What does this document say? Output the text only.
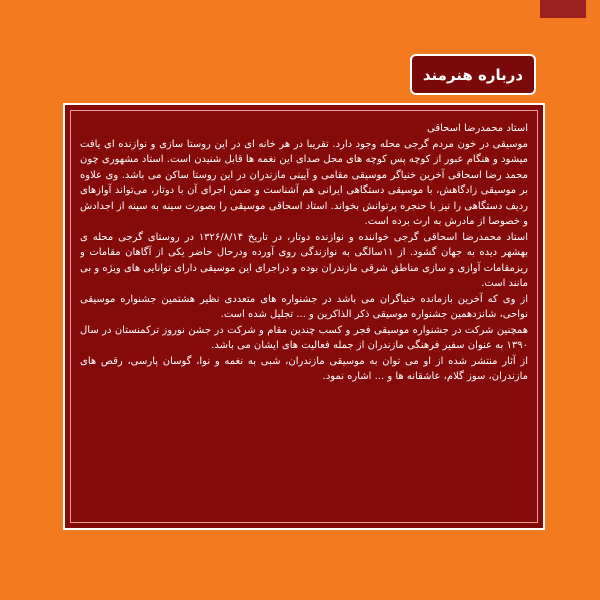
درباره هنرمند

استاد محمدرضا اسحاقی

موسیقی در خون مردم گرجی محله وجود دارد. تقریبا در هر خانه ای در این روستا سازی و نوازنده ای یافت میشود و هنگام عبور از کوچه پس کوچه های محل صدای این نغمه ها قابل شنیدن است. استاد مشهوری چون محمد رضا اسحاقی آخرین خنیاگر موسیقی مقامی و آیینی مازندران در این روستا ساکن می باشد. وی علاوه بر موسیقی زادگاهش، با موسیقی دستگاهی ایرانی هم آشناست و ضمن اجرای آن با دوتار، می‌تواند آوازهای ردیف دستگاهی را نیز با حنجره پرتوانش بخواند. استاد اسحاقی موسیقی را بصورت سینه به سینه از اجدادش و خصوصا از مادرش به ارث برده است.

استاد محمدرضا اسحاقی گرجی خواننده و نوازنده دوتار، در تاریخ ۱۳۲۶/۸/۱۴ در روستای گرجی محله ی بهشهر دیده به جهان گشود. از ۱۱سالگی به نوازندگی روی آورده ودرحال حاضر یکی از آگاهان مقامات و ریزمقامات آوازی و سازی مناطق شرقی مازندران بوده و دراجرای این موسیقی دارای توانایی های ویژه و بی مانند است.

از وی که آخرین بازمانده خنیاگران می باشد در جشنواره های متعددی نظیر هشتمین جشنواره موسیقی نواحی، شانزدهمین جشنواره موسیقی ذکر الذاکرین و ... تجلیل شده است.

همچنین شرکت در جشنواره موسیقی فجر و کسب چندین مقام و شرکت در جشن نوروز ترکمنستان در سال ۱۳۹۰ به عنوان سفیر فرهنگی مازندران از جمله فعالیت های ایشان می باشد.

از آثار منتشر شده از او می توان به موسیقی مازندران، شبی به نغمه و نوا، گوسان پارسی، رقص های مازندران، سوز گلام، عاشقانه ها و ... اشاره نمود.
